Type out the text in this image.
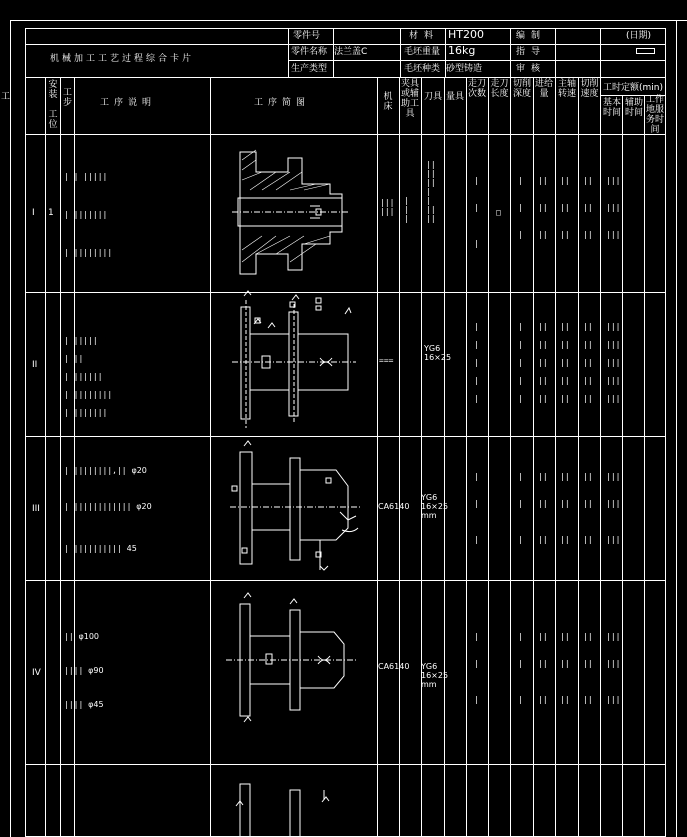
机械加工工艺过程综合卡片
零件号
零件名称 法兰盖C
生产类型
材料 HT200
毛坯重量 16kg
毛坯种类 砂型铸造
编制	(日期)
指导
审核
工
安装 工步
工位
工序说明	工序简图
机床
夹具或辅助工具
刀具 量具
走刀次数
走刀长度
切削深度
进给量
主轴转速
切削速度
工时定额(min)
基本时间
辅助时间
工作地服务时间
I 1
| | |||||
| |||||||
| ||||||||
|||
|||
|
|
|
||
||
||
|
|
||
||
|

|

|
□
|

|

|
||

||

||
||

||

||
||

||

||
|||

|||

|||
II
| |||||

| ||

| ||||||

| ||||||||

| |||||||
===
YG6 16×25
|

|

|

|

|
|

|

|

|

|
||

||

||

||

||
||

||

||

||

||
||

||

||

||

||
|||

|||

|||

|||

|||
III
| ||||||||,|| φ20
| |||||||||||| φ20
| |||||||||| 45
CA6140
YG6 16×25 mm
|

|

|
|

|

|
||

||

||
||

||

||
||

||

||
|||

|||

|||
IV
|| φ100
|||| φ90
|||| φ45
CA6140 YG6 16×25 mm
|

|

|
|

|

|
||

||

||
||

||

||
||

||

||
|||

|||

|||
